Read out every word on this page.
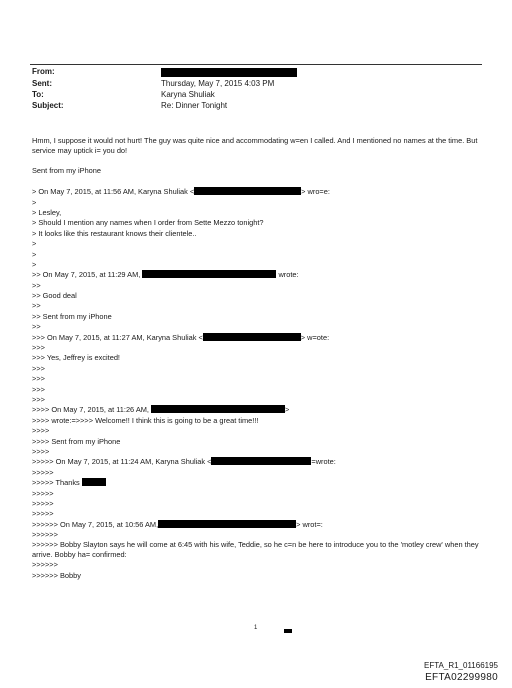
From:
Sent:	Thursday, May 7, 2015 4:03 PM
To:	Karyna Shuliak
Subject:	Re: Dinner Tonight
Hmm, I suppose it would not hurt! The guy was quite nice and accommodating w=en I called. And I mentioned no names at the time. But service may uptick i= you do!
Sent from my iPhone
> On May 7, 2015, at 11:56 AM, Karyna Shuliak <	> wro=e:
>
> Lesley,
> Should I mention any names when I order from Sette Mezzo tonight?
> It looks like this restaurant knows their clientele..
>
>
>
>> On May 7, 2015, at 11:29 AM,	wrote:
>>
>> Good deal
>>
>> Sent from my iPhone
>>
>>> On May 7, 2015, at 11:27 AM, Karyna Shuliak <	> w=ote:
>>>
>>> Yes, Jeffrey is excited!
>>>
>>>
>>>
>>>
>>>> On May 7, 2015, at 11:26 AM,	>
>>>> wrote:=>>>> Welcome!! I think this is going to be a great time!!!
>>>>
>>>> Sent from my iPhone
>>>>
>>>>> On May 7, 2015, at 11:24 AM, Karyna Shuliak <	=wrote:
>>>>>
>>>>> Thanks
>>>>>
>>>>>
>>>>>
>>>>>> On May 7, 2015, at 10:56 AM,	> wrot=:
>>>>>>
>>>>>> Bobby Slayton says he will come at 6:45 with his wife, Teddie, so he c=n be here to introduce you to the 'motley crew' when they arrive. Bobby ha= confirmed:
>>>>>>
>>>>>> Bobby
1
EFTA_R1_01166195
EFTA02299980
